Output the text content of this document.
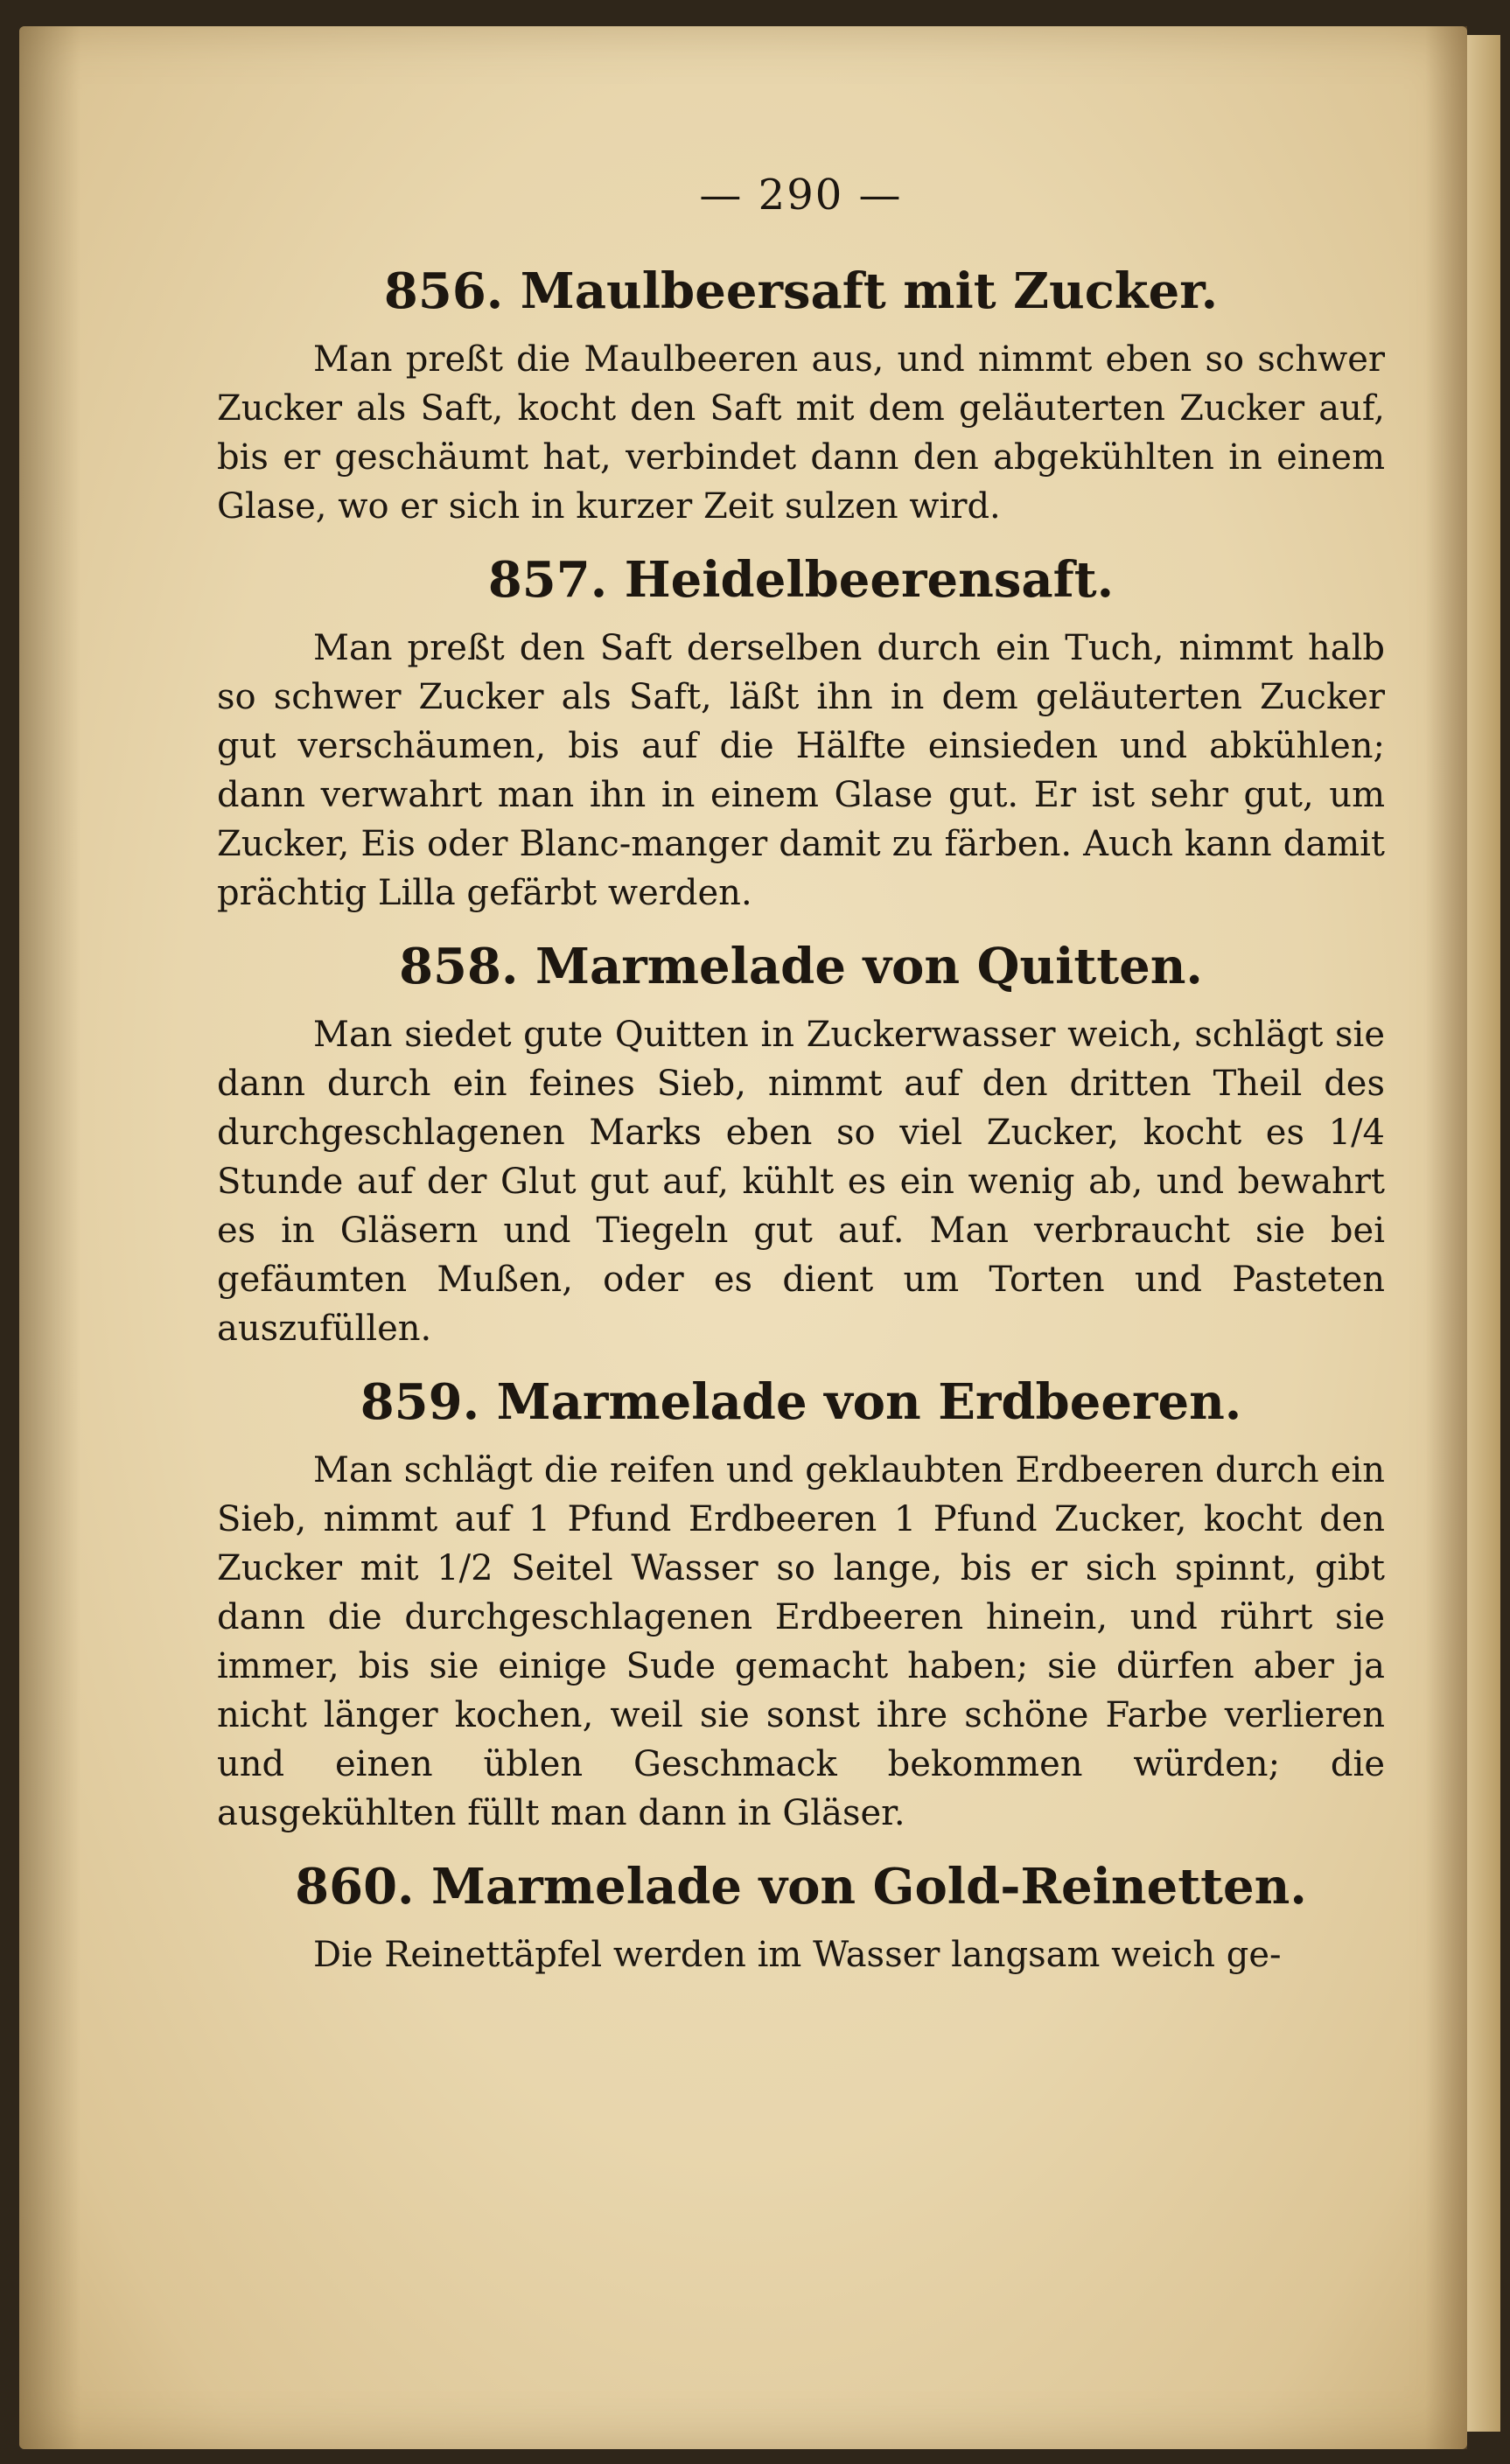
— 290 —
856. Maulbeersaft mit Zucker.

Man preßt die Maulbeeren aus, und nimmt eben so schwer Zucker als Saft, kocht den Saft mit dem geläuterten Zucker auf, bis er geschäumt hat, verbindet dann den abgekühlten in einem Glase, wo er sich in kurzer Zeit sulzen wird.

857. Heidelbeerensaft.

Man preßt den Saft derselben durch ein Tuch, nimmt halb so schwer Zucker als Saft, läßt ihn in dem geläuterten Zucker gut verschäumen, bis auf die Hälfte einsieden und abkühlen; dann verwahrt man ihn in einem Glase gut. Er ist sehr gut, um Zucker, Eis oder Blanc-manger damit zu färben. Auch kann damit prächtig Lilla gefärbt werden.

858. Marmelade von Quitten.

Man siedet gute Quitten in Zuckerwasser weich, schlägt sie dann durch ein feines Sieb, nimmt auf den dritten Theil des durchgeschlagenen Marks eben so viel Zucker, kocht es 1/4 Stunde auf der Glut gut auf, kühlt es ein wenig ab, und bewahrt es in Gläsern und Tiegeln gut auf. Man verbraucht sie bei gefäumten Mußen, oder es dient um Torten und Pasteten auszufüllen.

859. Marmelade von Erdbeeren.

Man schlägt die reifen und geklaubten Erdbeeren durch ein Sieb, nimmt auf 1 Pfund Erdbeeren 1 Pfund Zucker, kocht den Zucker mit 1/2 Seitel Wasser so lange, bis er sich spinnt, gibt dann die durchgeschlagenen Erdbeeren hinein, und rührt sie immer, bis sie einige Sude gemacht haben; sie dürfen aber ja nicht länger kochen, weil sie sonst ihre schöne Farbe verlieren und einen üblen Geschmack bekommen würden; die ausgekühlten füllt man dann in Gläser.

860. Marmelade von Gold-Reinetten.

Die Reinettäpfel werden im Wasser langsam weich ge-
